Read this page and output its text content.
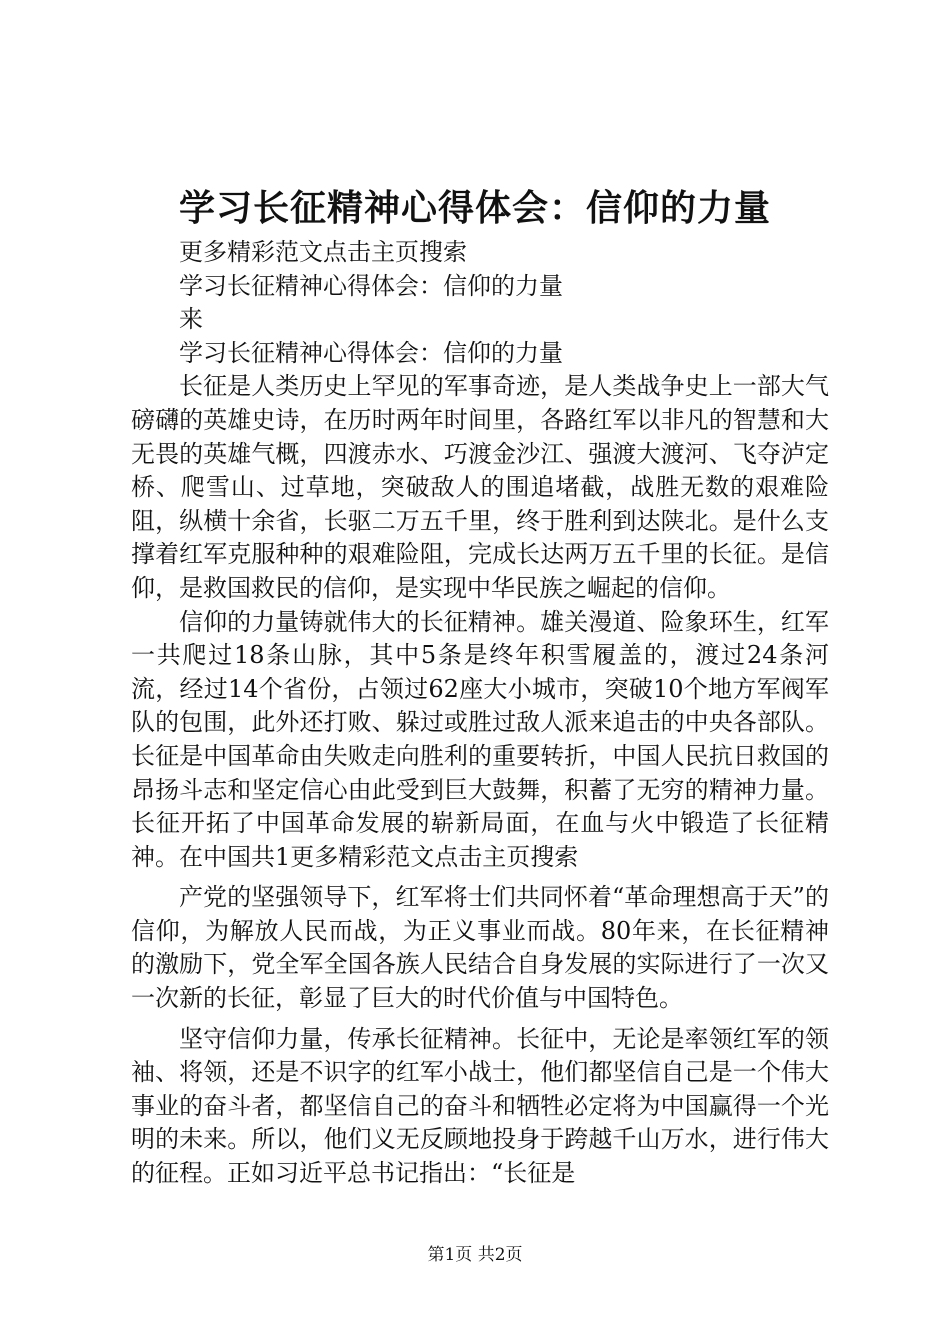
学习长征精神心得体会：信仰的力量

更多精彩范文点击主页搜索

学习长征精神心得体会：信仰的力量

来

学习长征精神心得体会：信仰的力量

长征是人类历史上罕见的军事奇迹，是人类战争史上一部大气磅礴的英雄史诗，在历时两年时间里，各路红军以非凡的智慧和大无畏的英雄气概，四渡赤水、巧渡金沙江、强渡大渡河、飞夺泸定桥、爬雪山、过草地，突破敌人的围追堵截，战胜无数的艰难险阻，纵横十余省，长驱二万五千里，终于胜利到达陕北。是什么支撑着红军克服种种的艰难险阻，完成长达两万五千里的长征。是信仰，是救国救民的信仰，是实现中华民族之崛起的信仰。

信仰的力量铸就伟大的长征精神。雄关漫道、险象环生，红军一共爬过18条山脉，其中5条是终年积雪履盖的，渡过24条河流，经过14个省份，占领过62座大小城市，突破10个地方军阀军队的包围，此外还打败、躲过或胜过敌人派来追击的中央各部队。长征是中国革命由失败走向胜利的重要转折，中国人民抗日救国的昂扬斗志和坚定信心由此受到巨大鼓舞，积蓄了无穷的精神力量。长征开拓了中国革命发展的崭新局面，在血与火中锻造了长征精神。在中国共1更多精彩范文点击主页搜索

产党的坚强领导下，红军将士们共同怀着“革命理想高于天”的信仰，为解放人民而战，为正义事业而战。80年来，在长征精神的激励下，党全军全国各族人民结合自身发展的实际进行了一次又一次新的长征，彰显了巨大的时代价值与中国特色。

坚守信仰力量，传承长征精神。长征中，无论是率领红军的领袖、将领，还是不识字的红军小战士，他们都坚信自己是一个伟大事业的奋斗者，都坚信自己的奋斗和牺牲必定将为中国赢得一个光明的未来。所以，他们义无反顾地投身于跨越千山万水，进行伟大的征程。正如习近平总书记指出：“长征是

第1页 共2页
